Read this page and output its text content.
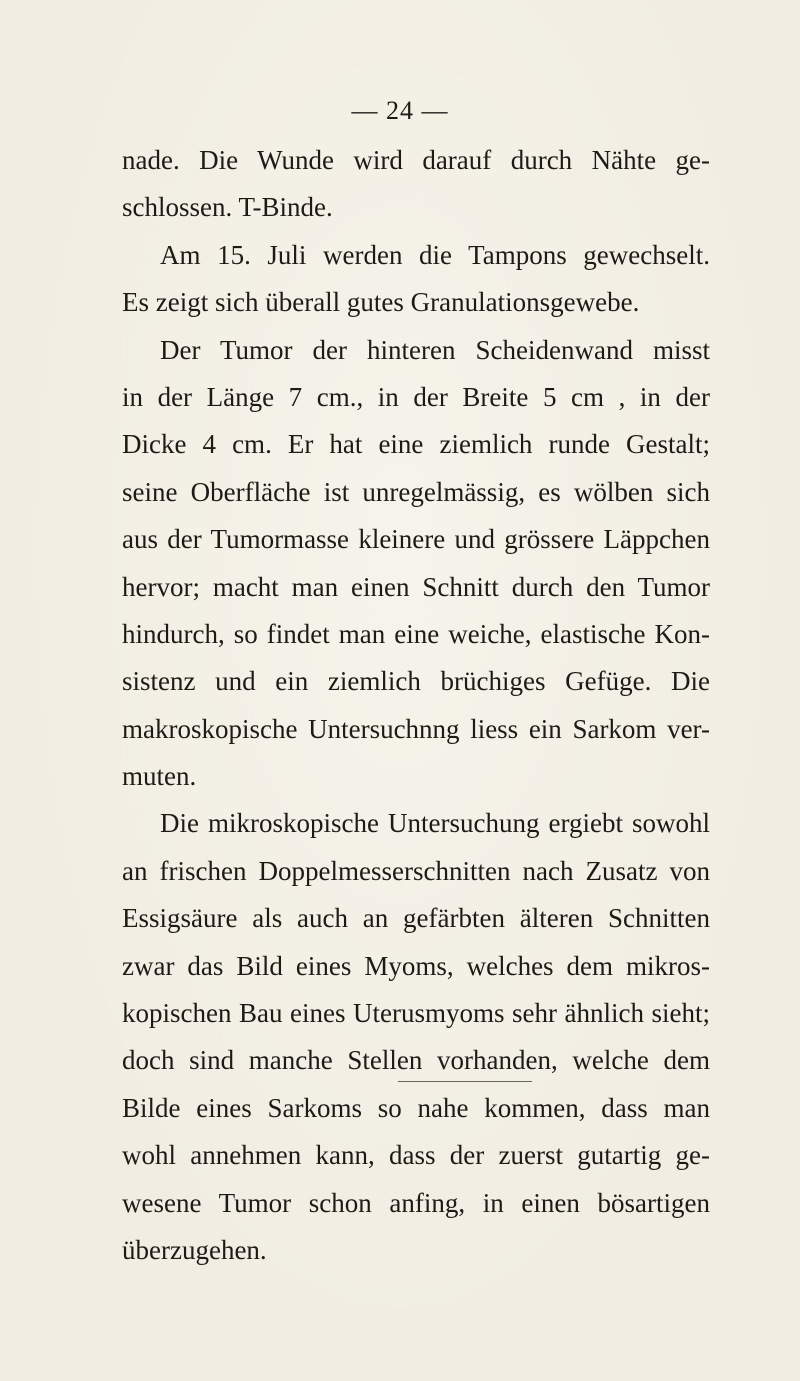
— 24 —

nade. Die Wunde wird darauf durch Nähte ge-
schlossen. T-Binde.
Am 15. Juli werden die Tampons gewechselt.
Es zeigt sich überall gutes Granulationsgewebe.
Der Tumor der hinteren Scheidenwand misst
in der Länge 7 cm., in der Breite 5 cm , in der
Dicke 4 cm. Er hat eine ziemlich runde Gestalt;
seine Oberfläche ist unregelmässig, es wölben sich
aus der Tumormasse kleinere und grössere Läppchen
hervor; macht man einen Schnitt durch den Tumor
hindurch, so findet man eine weiche, elastische Kon-
sistenz und ein ziemlich brüchiges Gefüge. Die
makroskopische Untersuchnng liess ein Sarkom ver-
muten.
Die mikroskopische Untersuchung ergiebt sowohl
an frischen Doppelmesserschnitten nach Zusatz von
Essigsäure als auch an gefärbten älteren Schnitten
zwar das Bild eines Myoms, welches dem mikros-
kopischen Bau eines Uterusmyoms sehr ähnlich sieht;
doch sind manche Stellen vorhanden, welche dem
Bilde eines Sarkoms so nahe kommen, dass man
wohl annehmen kann, dass der zuerst gutartig ge-
wesene Tumor schon anfing, in einen bösartigen
überzugehen.
